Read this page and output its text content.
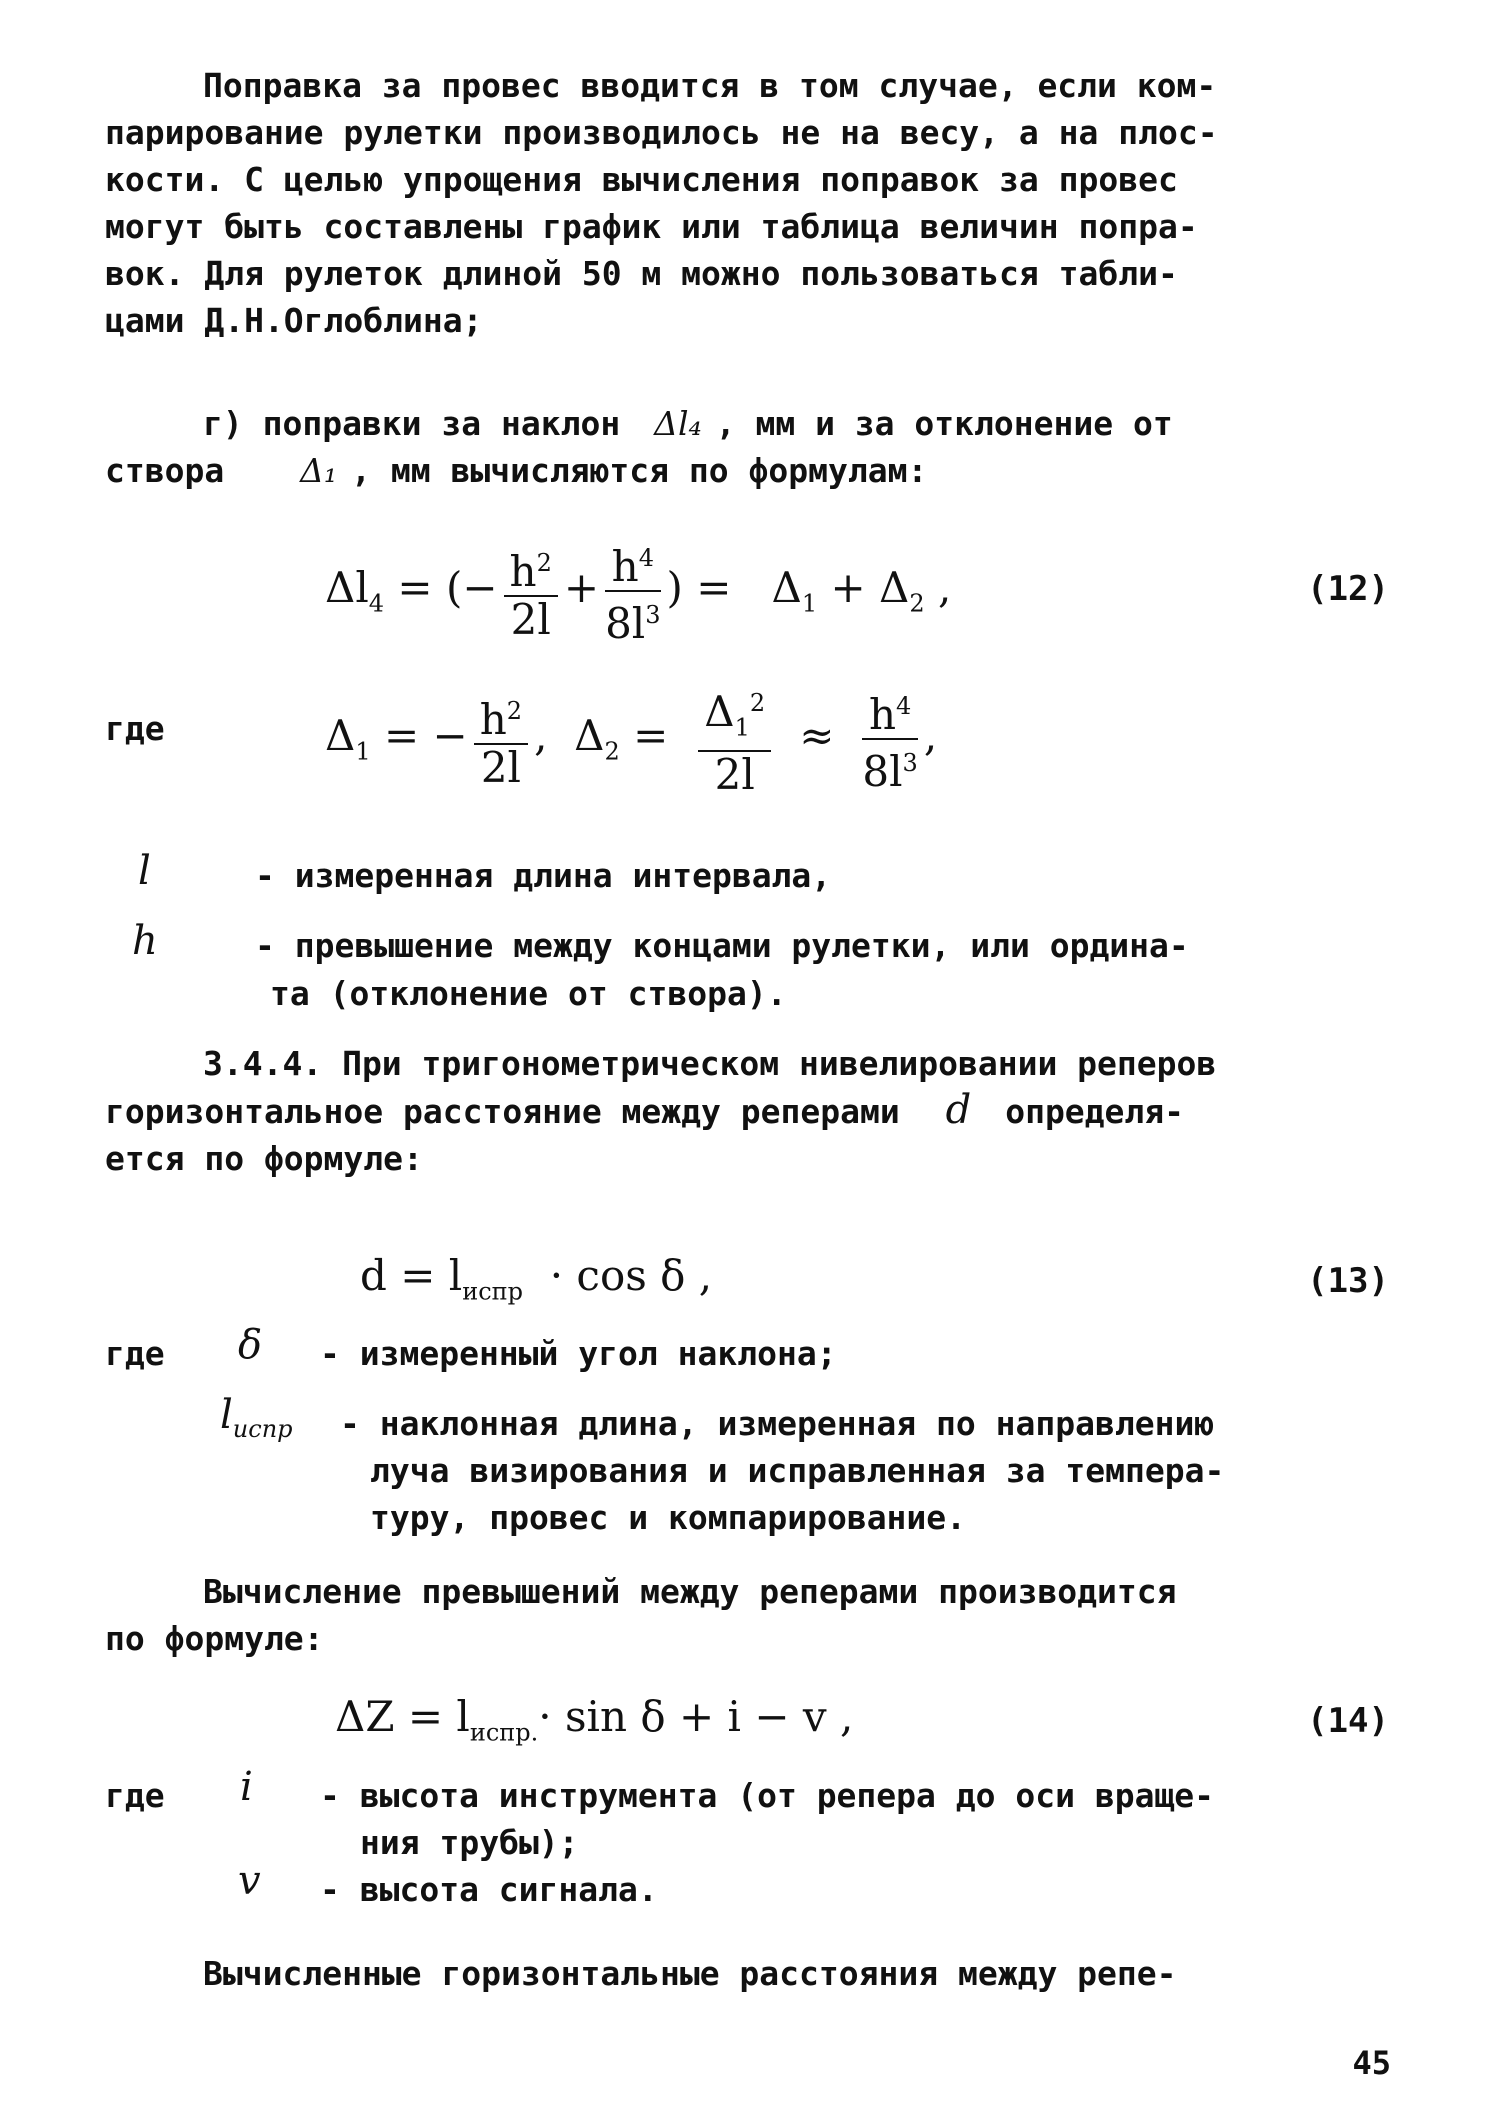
Поправка за провес вводится в том случае, если ком-
парирование рулетки производилось не на весу, а на плос-
кости. С целью упрощения вычисления поправок за провес
могут быть составлены график или таблица величин попра-
вок. Для рулеток длиной 50 м можно пользоваться табли-
цами Д.Н.Оглоблина;
г) поправки за наклон Δl₄ , мм и за отклонение от
створа Δ₁ , мм вычисляются по формулам:
$\Delta l_4$ = (− $\frac{h^2}{2l} + \frac{h^4}{8l^3}$ ) =   $\Delta_1 + \Delta_2$ ,	(12)
где	$\Delta_1$ = − $\frac{h^2}{2l}$ ,  $\Delta_2 = \frac{\Delta_1^2}{2l} \approx \frac{h^4}{8l^3}$ ,
l	- измеренная длина интервала,
h	- превышение между концами рулетки, или ордина-
та (отклонение от створа).
3.4.4. При тригонометрическом нивелировании реперов
горизонтальное расстояние между реперами d определя-
ется по формуле:
$d = l_{испр} \cdot \cos \delta$ ,	(13)
где δ - измеренный угол наклона;
$l_{испр}$ - наклонная длина, измеренная по направлению
луча визирования и исправленная за темпера-
туру, провес и компарирование.
Вычисление превышений между реперами производится
по формуле:
$\Delta Z = l_{испр.}\cdot \sin \delta + i - v$ ,	(14)
где i - высота инструмента (от репера до оси враще-
ния трубы);
v - высота сигнала.
Вычисленные горизонтальные расстояния между репе-
45
